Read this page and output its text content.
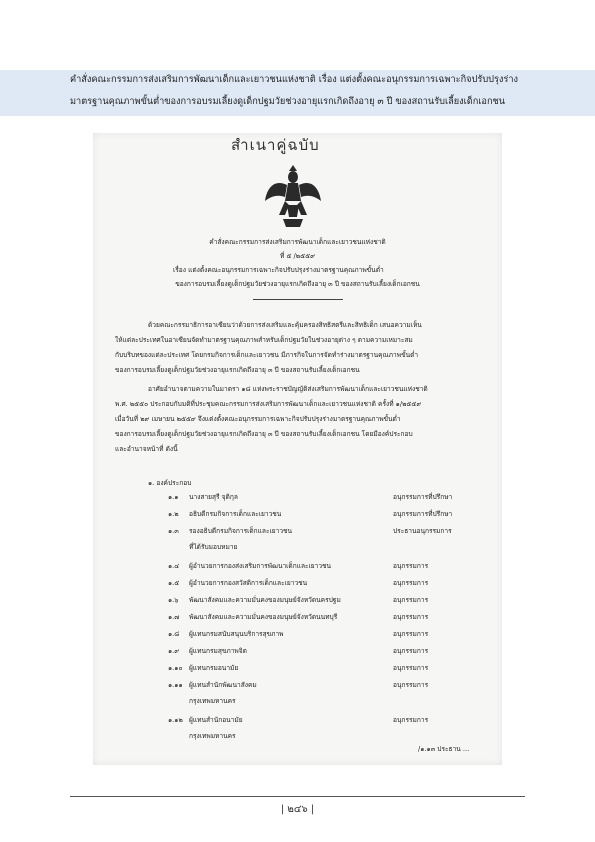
คำสั่งคณะกรรมการส่งเสริมการพัฒนาเด็กและเยาวชนแห่งชาติ เรื่อง แต่งตั้งคณะอนุกรรมการเฉพาะกิจปรับปรุงร่าง
มาตรฐานคุณภาพขั้นต่ำของการอบรมเลี้ยงดูเด็กปฐมวัยช่วงอายุแรกเกิดถึงอายุ ๓ ปี ของสถานรับเลี้ยงเด็กเอกชน
สำเนาคู่ฉบับ
คำสั่งคณะกรรมการส่งเสริมการพัฒนาเด็กและเยาวชนแห่งชาติ
ที่ ๕ /๒๕๕๙
เรื่อง แต่งตั้งคณะอนุกรรมการเฉพาะกิจปรับปรุงร่างมาตรฐานคุณภาพขั้นต่ำ
ของการอบรมเลี้ยงดูเด็กปฐมวัยช่วงอายุแรกเกิดถึงอายุ ๓ ปี ของสถานรับเลี้ยงเด็กเอกชน
ด้วยคณะกรรมาธิการอาเซียนว่าด้วยการส่งเสริมและคุ้มครองสิทธิสตรีและสิทธิเด็ก เสนอความเห็น
ให้แต่ละประเทศในอาเซียนจัดทำมาตรฐานคุณภาพสำหรับเด็กปฐมวัยในช่วงอายุต่าง ๆ ตามความเหมาะสม
กับบริบทของแต่ละประเทศ โดยกรมกิจการเด็กและเยาวชน มีภารกิจในการจัดทำร่างมาตรฐานคุณภาพขั้นต่ำ
ของการอบรมเลี้ยงดูเด็กปฐมวัยช่วงอายุแรกเกิดถึงอายุ ๓ ปี ของสถานรับเลี้ยงเด็กเอกชน
อาศัยอำนาจตามความในมาตรา ๑๘ แห่งพระราชบัญญัติส่งเสริมการพัฒนาเด็กและเยาวชนแห่งชาติ
พ.ศ. ๒๕๕๐ ประกอบกับมติที่ประชุมคณะกรรมการส่งเสริมการพัฒนาเด็กและเยาวชนแห่งชาติ ครั้งที่ ๑/๒๕๕๙
เมื่อวันที่ ๒๙ เมษายน ๒๕๕๙ จึงแต่งตั้งคณะอนุกรรมการเฉพาะกิจปรับปรุงร่างมาตรฐานคุณภาพขั้นต่ำ
ของการอบรมเลี้ยงดูเด็กปฐมวัยช่วงอายุแรกเกิดถึงอายุ ๓ ปี ของสถานรับเลี้ยงเด็กเอกชน โดยมีองค์ประกอบ
และอำนาจหน้าที่ ดังนี้
๑. องค์ประกอบ
๑.๑ นางสายสุรี จุติกุล	อนุกรรมการที่ปรึกษา
๑.๒ อธิบดีกรมกิจการเด็กและเยาวชน	อนุกรรมการที่ปรึกษา
๑.๓ รองอธิบดีกรมกิจการเด็กและเยาวชน	ประธานอนุกรรมการ
ที่ได้รับมอบหมาย
๑.๔ ผู้อำนวยการกองส่งเสริมการพัฒนาเด็กและเยาวชน	อนุกรรมการ
๑.๕ ผู้อำนวยการกองสวัสดิการเด็กและเยาวชน	อนุกรรมการ
๑.๖ พัฒนาสังคมและความมั่นคงของมนุษย์จังหวัดนครปฐม	อนุกรรมการ
๑.๗ พัฒนาสังคมและความมั่นคงของมนุษย์จังหวัดนนทบุรี	อนุกรรมการ
๑.๘ ผู้แทนกรมสนับสนุนบริการสุขภาพ	อนุกรรมการ
๑.๙ ผู้แทนกรมสุขภาพจิต	อนุกรรมการ
๑.๑๐ ผู้แทนกรมอนามัย	อนุกรรมการ
๑.๑๑ ผู้แทนสำนักพัฒนาสังคม	อนุกรรมการ
กรุงเทพมหานคร
๑.๑๒ ผู้แทนสำนักอนามัย	อนุกรรมการ
กรุงเทพมหานคร
/๑.๑๓ ประธาน ...
| ๒๔๖ |
